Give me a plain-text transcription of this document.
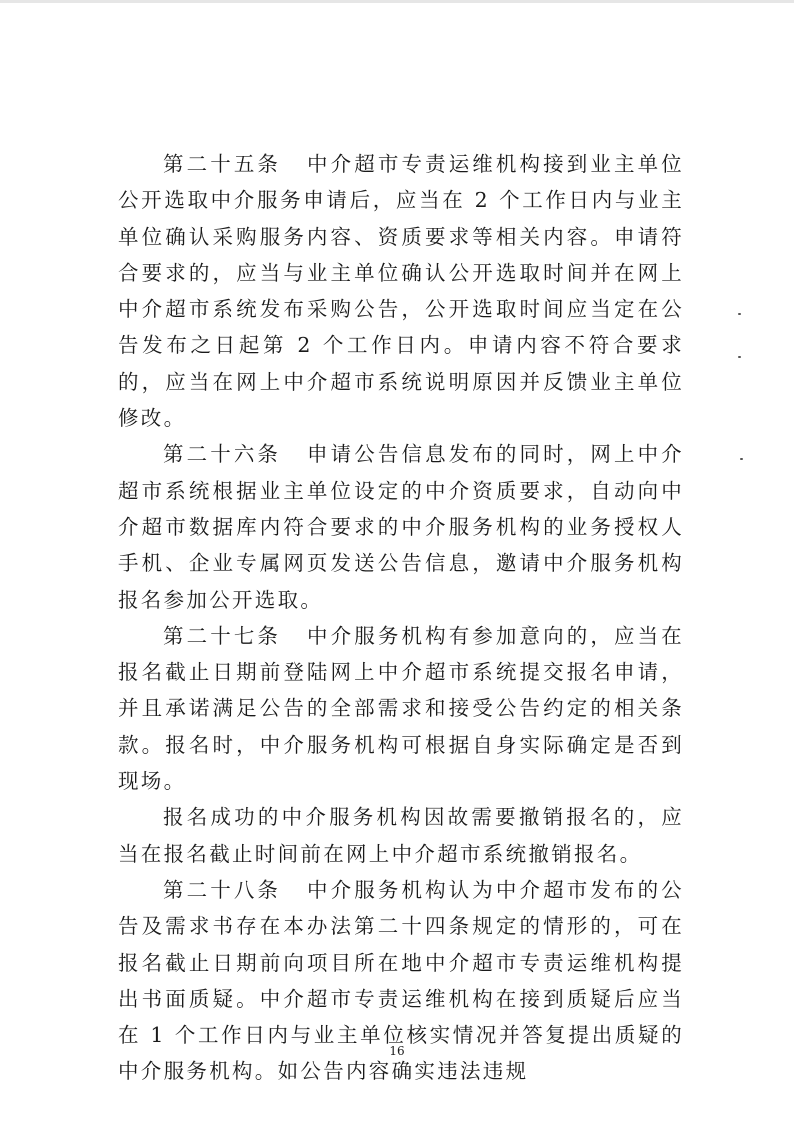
第二十五条 中介超市专责运维机构接到业主单位公开选取中介服务申请后，应当在 2 个工作日内与业主单位确认采购服务内容、资质要求等相关内容。申请符合要求的，应当与业主单位确认公开选取时间并在网上中介超市系统发布采购公告，公开选取时间应当定在公告发布之日起第 2 个工作日内。申请内容不符合要求的，应当在网上中介超市系统说明原因并反馈业主单位修改。

第二十六条 申请公告信息发布的同时，网上中介超市系统根据业主单位设定的中介资质要求，自动向中介超市数据库内符合要求的中介服务机构的业务授权人手机、企业专属网页发送公告信息，邀请中介服务机构报名参加公开选取。

第二十七条 中介服务机构有参加意向的，应当在报名截止日期前登陆网上中介超市系统提交报名申请，并且承诺满足公告的全部需求和接受公告约定的相关条款。报名时，中介服务机构可根据自身实际确定是否到现场。

报名成功的中介服务机构因故需要撤销报名的，应当在报名截止时间前在网上中介超市系统撤销报名。

第二十八条 中介服务机构认为中介超市发布的公告及需求书存在本办法第二十四条规定的情形的，可在报名截止日期前向项目所在地中介超市专责运维机构提出书面质疑。中介超市专责运维机构在接到质疑后应当在 1 个工作日内与业主单位核实情况并答复提出质疑的中介服务机构。如公告内容确实违法违规

16
